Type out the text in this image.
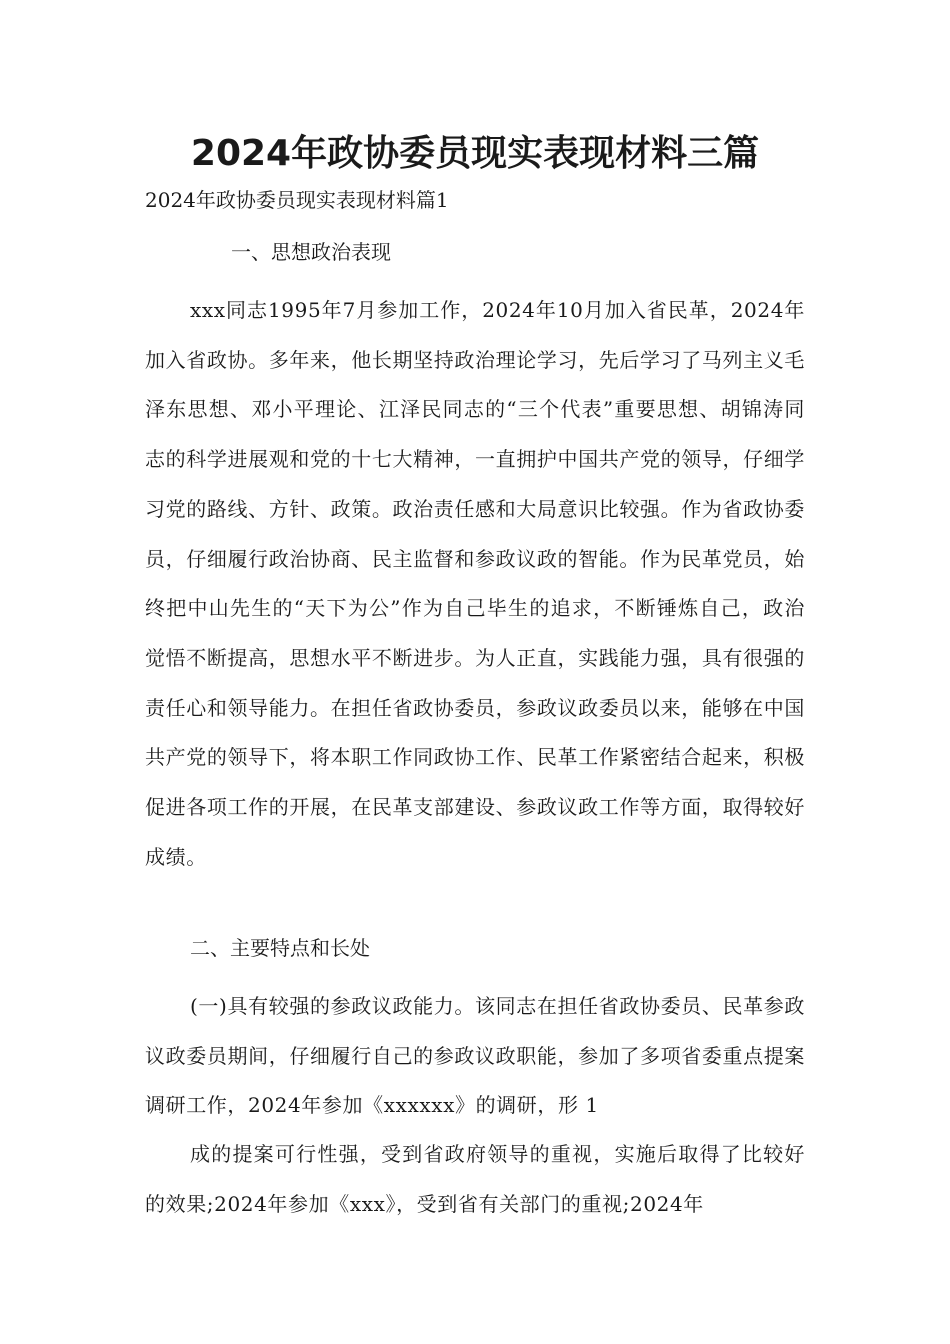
2024年政协委员现实表现材料三篇

2024年政协委员现实表现材料篇1

一、思想政治表现

xxx同志1995年7月参加工作，2024年10月加入省民革，2024年加入省政协。多年来，他长期坚持政治理论学习，先后学习了马列主义毛泽东思想、邓小平理论、江泽民同志的“三个代表”重要思想、胡锦涛同志的科学进展观和党的十七大精神，一直拥护中国共产党的领导，仔细学习党的路线、方针、政策。政治责任感和大局意识比较强。作为省政协委员，仔细履行政治协商、民主监督和参政议政的智能。作为民革党员，始终把中山先生的“天下为公”作为自己毕生的追求，不断锤炼自己，政治觉悟不断提高，思想水平不断进步。为人正直，实践能力强，具有很强的责任心和领导能力。在担任省政协委员，参政议政委员以来，能够在中国共产党的领导下，将本职工作同政协工作、民革工作紧密结合起来，积极促进各项工作的开展，在民革支部建设、参政议政工作等方面，取得较好成绩。

二、主要特点和长处

(一)具有较强的参政议政能力。该同志在担任省政协委员、民革参政议政委员期间，仔细履行自己的参政议政职能，参加了多项省委重点提案调研工作，2024年参加《xxxxxx》的调研，形 1

成的提案可行性强，受到省政府领导的重视，实施后取得了比较好的效果;2024年参加《xxx》，受到省有关部门的重视;2024年
